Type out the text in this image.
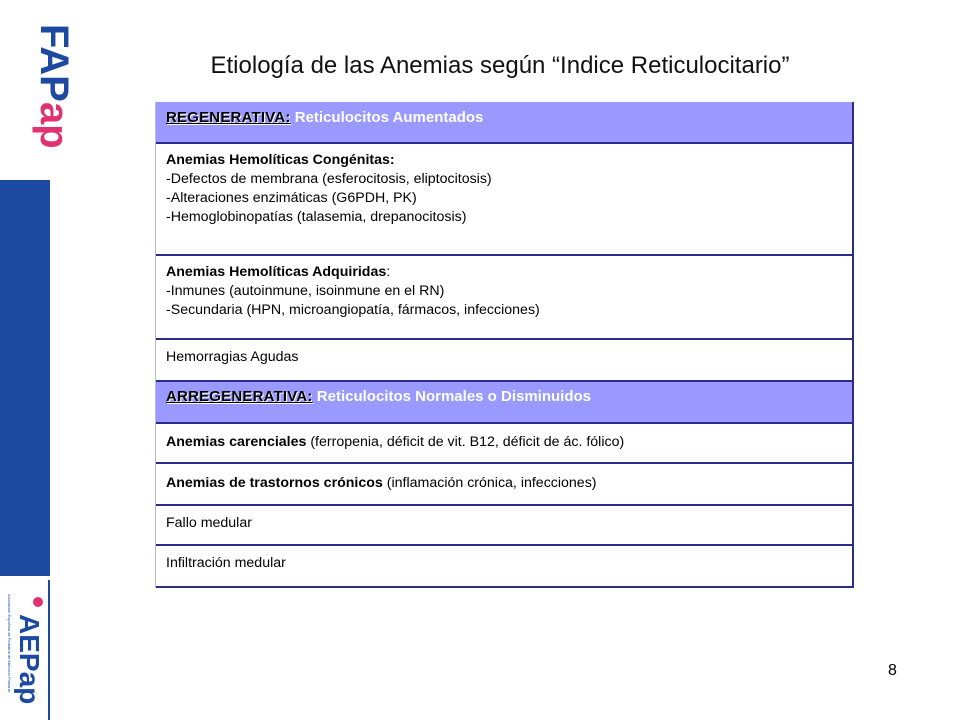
FAP
ap
AEPap
Asociación Española de Pediatría de Atención Primaria
Etiología de las Anemias según “Indice Reticulocitario”
REGENERATIVA: Reticulocitos Aumentados
Anemias Hemolíticas Congénitas:
-Defectos de membrana (esferocitosis, eliptocitosis)
-Alteraciones enzimáticas (G6PDH, PK)
-Hemoglobinopatías (talasemia, drepanocitosis)
Anemias Hemolíticas Adquiridas:
-Inmunes (autoinmune, isoinmune en el RN)
-Secundaria (HPN, microangiopatía, fármacos, infecciones)
Hemorragias Agudas
ARREGENERATIVA: Reticulocitos Normales o Disminuidos
Anemias carenciales (ferropenia, déficit de vit. B12, déficit de ác. fólico)
Anemias de trastornos crónicos (inflamación crónica, infecciones)
Fallo medular
Infiltración medular
8
